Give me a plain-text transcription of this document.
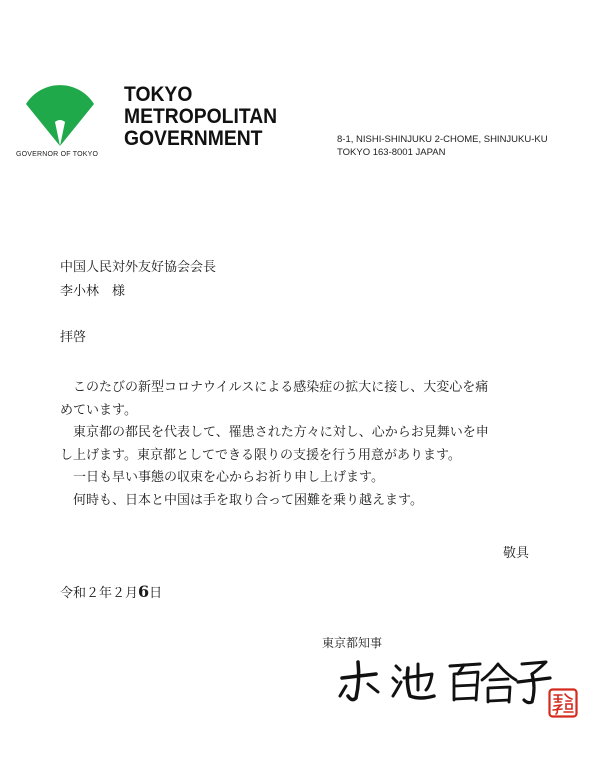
GOVERNOR OF TOKYO
TOKYO
METROPOLITAN
GOVERNMENT	8-1, NISHI-SHINJUKU 2-CHOME, SHINJUKU-KU
TOKYO 163-8001 JAPAN
中国人民対外友好協会会長
李小林　様
拝啓

　このたびの新型コロナウイルスによる感染症の拡大に接し、大変心を痛

めています。

　東京都の都民を代表して、罹患された方々に対し、心からお見舞いを申

し上げます。東京都としてできる限りの支援を行う用意があります。

　一日も早い事態の収束を心からお祈り申し上げます。

　何時も、日本と中国は手を取り合って困難を乗り越えます。

敬具
令和２年２月6日
東京都知事
